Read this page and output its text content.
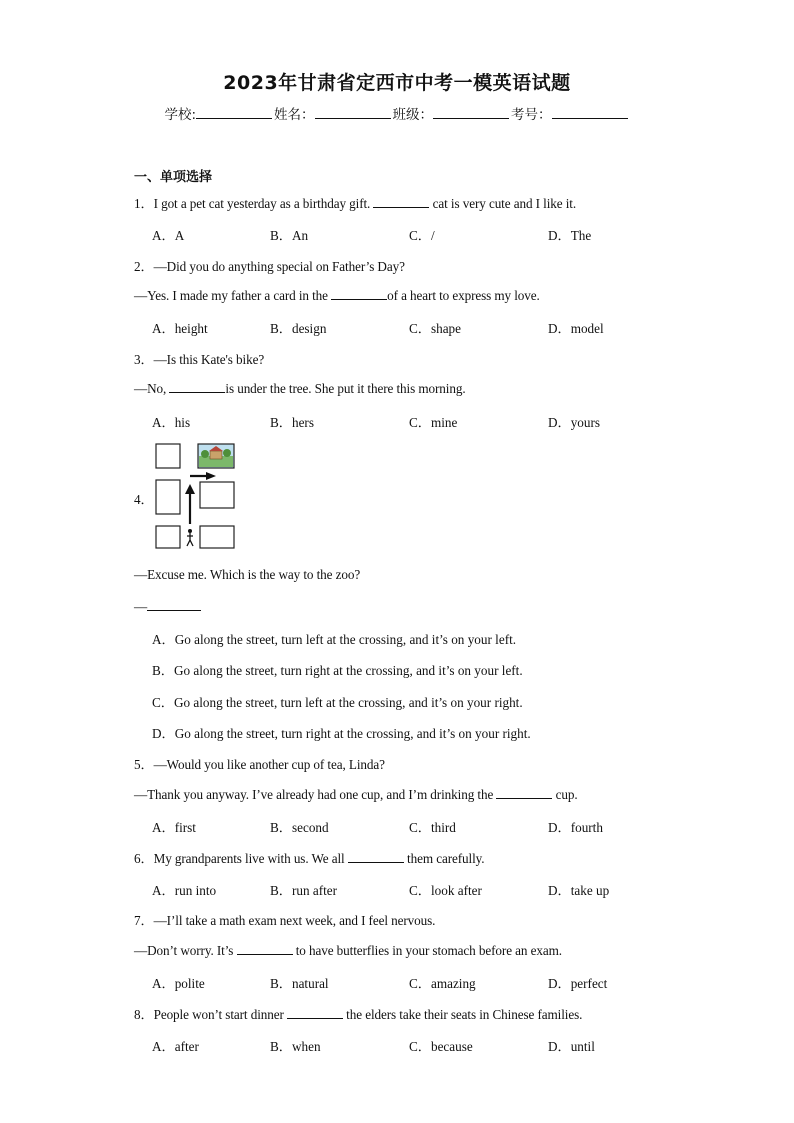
2023年甘肃省定西市中考一模英语试题
学校:	姓名：	班级：	考号：
一、单项选择
1．I got a pet cat yesterday as a birthday gift.	cat is very cute and I like it.
A．A	B．An	C．/	D．The
2．—Did you do anything special on Father’s Day?
—Yes. I made my father a card in the	of a heart to express my love.
A．height	B．design	C．shape	D．model
3．—Is this Kate's bike?
—No,	is under the tree. She put it there this morning.
A．his	B．hers	C．mine	D．yours
4．
—Excuse me. Which is the way to the zoo?
—
A．Go along the street, turn left at the crossing, and it’s on your left.
B．Go along the street, turn right at the crossing, and it’s on your left.
C．Go along the street, turn left at the crossing, and it’s on your right.
D．Go along the street, turn right at the crossing, and it’s on your right.
5．—Would you like another cup of tea, Linda?
—Thank you anyway. I’ve already had one cup, and I’m drinking the	cup.
A．first	B．second	C．third	D．fourth
6．My grandparents live with us. We all	them carefully.
A．run into	B．run after	C．look after	D．take up
7．—I’ll take a math exam next week, and I feel nervous.
—Don’t worry. It’s	to have butterflies in your stomach before an exam.
A．polite	B．natural	C．amazing	D．perfect
8．People won’t start dinner	the elders take their seats in Chinese families.
A．after	B．when	C．because	D．until
